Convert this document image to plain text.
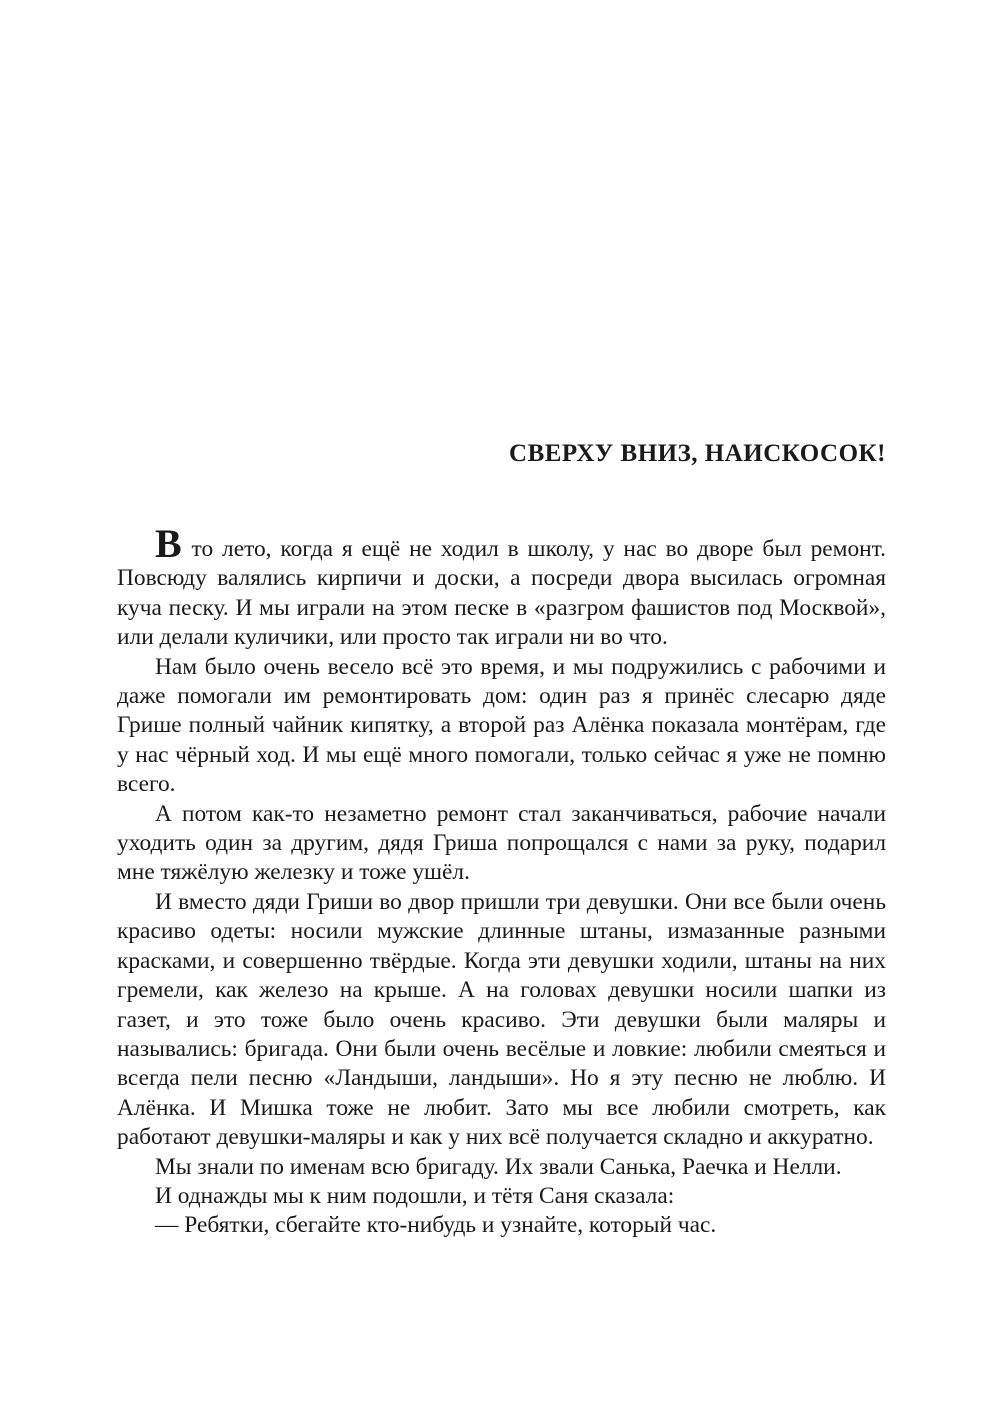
СВЕРХУ ВНИЗ, НАИСКОСОК!

В то лето, когда я ещё не ходил в школу, у нас во дворе был ремонт. Повсюду валялись кирпичи и доски, а посреди двора высилась огромная куча песку. И мы играли на этом песке в «разгром фашистов под Москвой», или делали куличики, или просто так играли ни во что.

Нам было очень весело всё это время, и мы подружились с рабочими и даже помогали им ремонтировать дом: один раз я принёс слесарю дяде Грише полный чайник кипятку, а второй раз Алёнка показала монтёрам, где у нас чёрный ход. И мы ещё много помогали, только сейчас я уже не помню всего.

А потом как-то незаметно ремонт стал заканчиваться, рабочие начали уходить один за другим, дядя Гриша попрощался с нами за руку, подарил мне тяжёлую железку и тоже ушёл.

И вместо дяди Гриши во двор пришли три девушки. Они все были очень красиво одеты: носили мужские длинные штаны, измазанные разными красками, и совершенно твёрдые. Когда эти девушки ходили, штаны на них гремели, как железо на крыше. А на головах девушки носили шапки из газет, и это тоже было очень красиво. Эти девушки были маляры и назывались: бригада. Они были очень весёлые и ловкие: любили смеяться и всегда пели песню «Ландыши, ландыши». Но я эту песню не люблю. И Алёнка. И Мишка тоже не любит. Зато мы все любили смотреть, как работают девушки-маляры и как у них всё получается складно и аккуратно.

Мы знали по именам всю бригаду. Их звали Санька, Раечка и Нелли.

И однажды мы к ним подошли, и тётя Саня сказала:

— Ребятки, сбегайте кто-нибудь и узнайте, который час.
